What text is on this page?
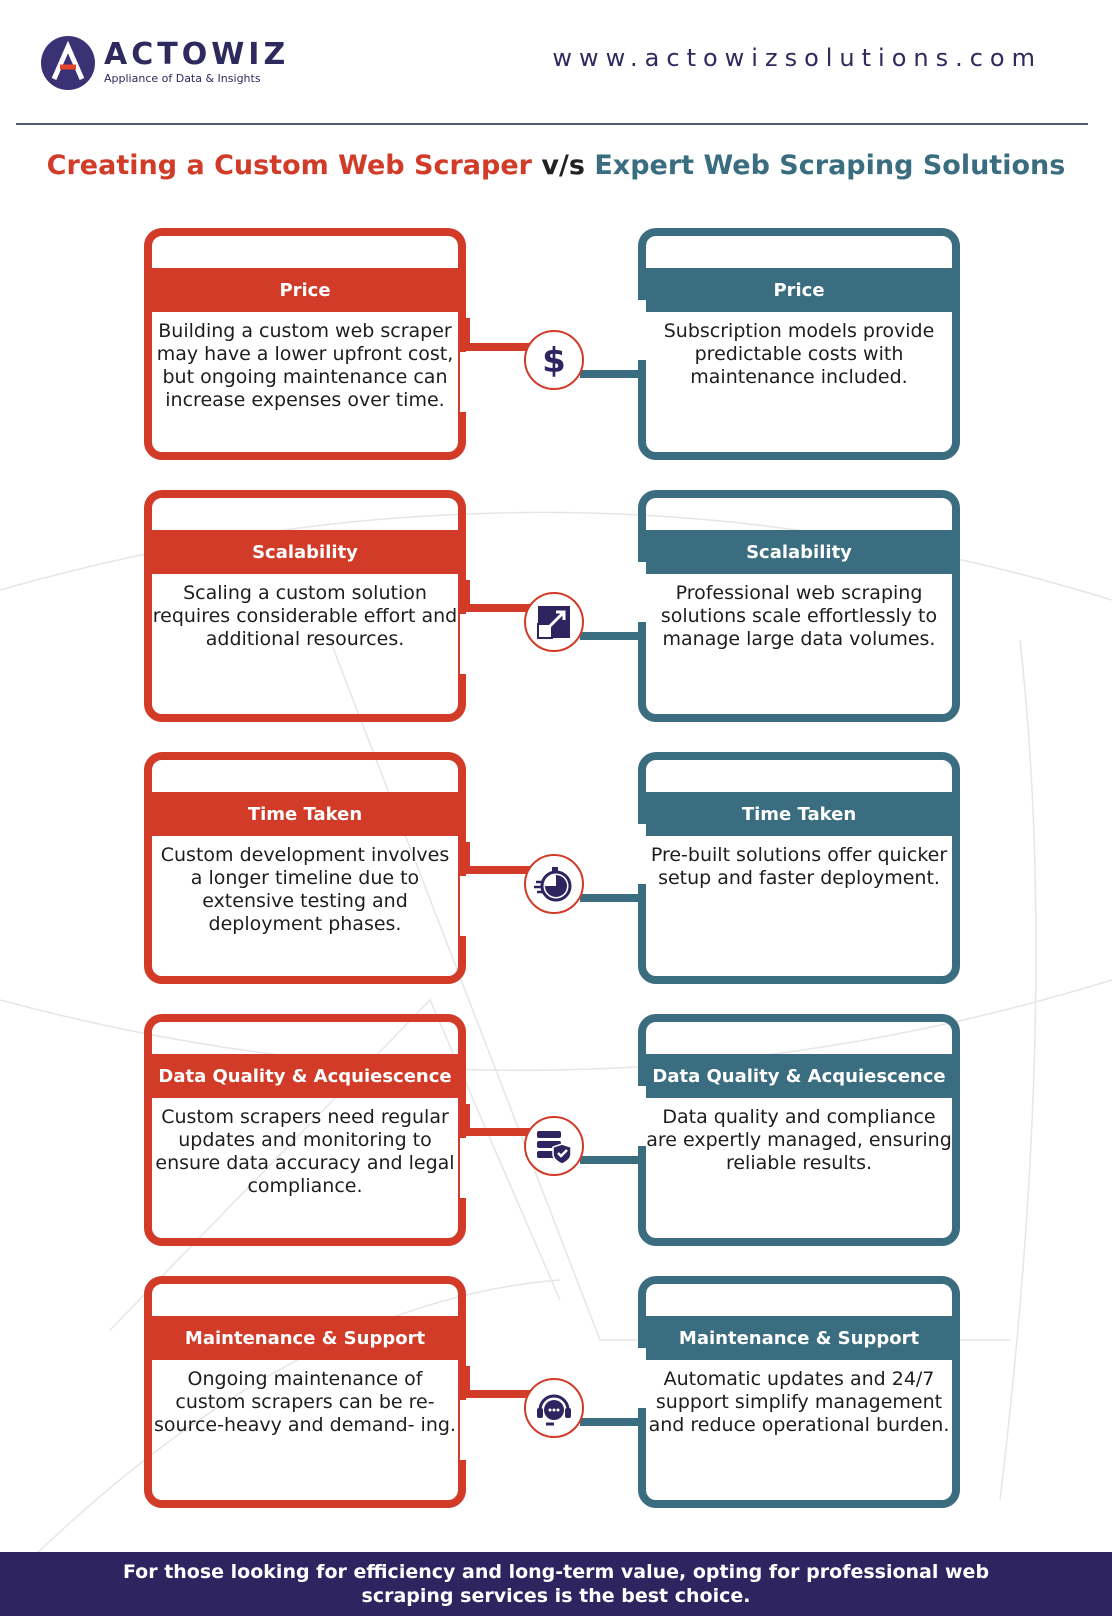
ACTOWIZ
Appliance of Data & Insights
www.actowizsolutions.com
Creating a Custom Web Scraper v/s Expert Web Scraping Solutions
Price
Building a custom web scraper may have a lower upfront cost, but ongoing maintenance can increase expenses over time.
Price
Subscription models provide predictable costs with maintenance included.
$
Scalability
Scaling a custom solution requires considerable effort and additional resources.
Scalability
Professional web scraping solutions scale effortlessly to manage large data volumes.
Time Taken
Custom development involves a longer timeline due to extensive testing and deployment phases.
Time Taken
Pre-built solutions offer quicker setup and faster deployment.
Data Quality & Acquiescence
Custom scrapers need regular updates and monitoring to ensure data accuracy and legal compliance.
Data Quality & Acquiescence
Data quality and compliance are expertly managed, ensuring reliable results.
Maintenance & Support
Ongoing maintenance of custom scrapers can be re- source-heavy and demand- ing.
Maintenance & Support
Automatic updates and 24/7 support simplify management and reduce operational burden.
For those looking for efficiency and long-term value, opting for professional web scraping services is the best choice.
